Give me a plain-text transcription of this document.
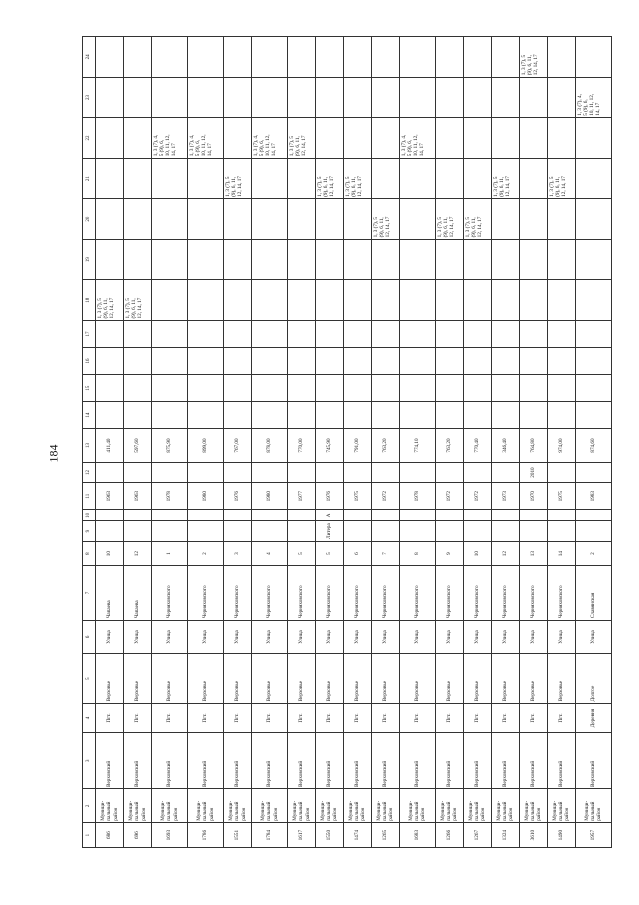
184
1	2	3	4	5	6	7	8	9	10	11	12	13	14	15	16	17	18	19	20	21	22	23	24
686	Муници- пальный район	Верховский	Пгт.	Верховье	Улица	Чапаева	10			1963		411,40					1, 3 (7), 5
(9), 6, 11,
12, 14, 17						
696	Муници- пальный район	Верховский	Пгт.	Верховье	Улица	Чапаева	12			1963		597,60					1, 3 (7), 5
(9), 6, 11,
12, 14, 17						
1693	Муници- пальный район	Верховский	Пгт.	Верховье	Улица	Черняховского	1			1978		875,90									1, 3 (7), 4,
5 (9), 6,
10, 11, 12,
14, 17		
1786	Муници- пальный район	Верховский	Пгт.	Верховье	Улица	Черняховского	2			1980		899,00									1, 3 (7), 4,
5 (9), 6,
10, 11, 12,
14, 17		
1551	Муници- пальный район	Верховский	Пгт.	Верховье	Улица	Черняховского	3			1976		767,00								1, 3 (7), 5
(9), 6, 11,
12, 14, 17			
1784	Муници- пальный район	Верховский	Пгт.	Верховье	Улица	Черняховского	4			1980		878,00									1, 3 (7), 4,
5 (9), 6,
10, 11, 12,
14, 17		
1617	Муници- пальный район	Верховский	Пгт.	Верховье	Улица	Черняховского	5			1977		770,00									1, 3 (7), 5
(9), 6, 11,
12, 14, 17		
1550	Муници- пальный район	Верховский	Пгт.	Верховье	Улица	Черняховского	5	Литера	А	1976		745,90								1, 3 (7), 5
(9), 6, 11,
12, 14, 17			
1474	Муници- пальный район	Верховский	Пгт.	Верховье	Улица	Черняховского	6			1975		791,00								1, 3 (7), 5
(9), 6, 11,
12, 14, 17			
1265	Муници- пальный район	Верховский	Пгт.	Верховье	Улица	Черняховского	7			1972		763,20							1, 3 (7), 5
(9), 6, 11,
12, 14, 17				
1683	Муници- пальный район	Верховский	Пгт.	Верховье	Улица	Черняховского	8			1978		774,10									1, 3 (7), 4,
5 (9), 6,
10, 11, 12,
14, 17		
1266	Муници- пальный район	Верховский	Пгт.	Верховье	Улица	Черняховского	9			1972		763,20							1, 3 (7), 5
(9), 6, 11,
12, 14, 17				
1267	Муници- пальный район	Верховский	Пгт.	Верховье	Улица	Черняховского	10			1972		770,40							1, 3 (7), 5
(9), 6, 11,
12, 14, 17				
1324	Муници- пальный район	Верховский	Пгт.	Верховье	Улица	Черняховского	12			1973		346,40								1, 3 (7), 5
(9), 6, 11,
12, 14, 17			
3610	Муници- пальный район	Верховский	Пгт.	Верховье	Улица	Черняховского	13			1970	2010	764,80											1, 3 (7), 5
(9), 6, 11,
12, 14, 17
1490	Муници- пальный район	Верховский	Пгт.	Верховье	Улица	Черняховского	14			1975		974,00								1, 3 (7), 5
(9), 6, 11,
12, 14, 17			
1957	Муници- пальный район	Верховский	Деревня	Долгое	Улица	Славянская	2			1983		874,60										1, 3 (7), 4,
5 (9), 6,
10, 11, 12,
14, 17	
